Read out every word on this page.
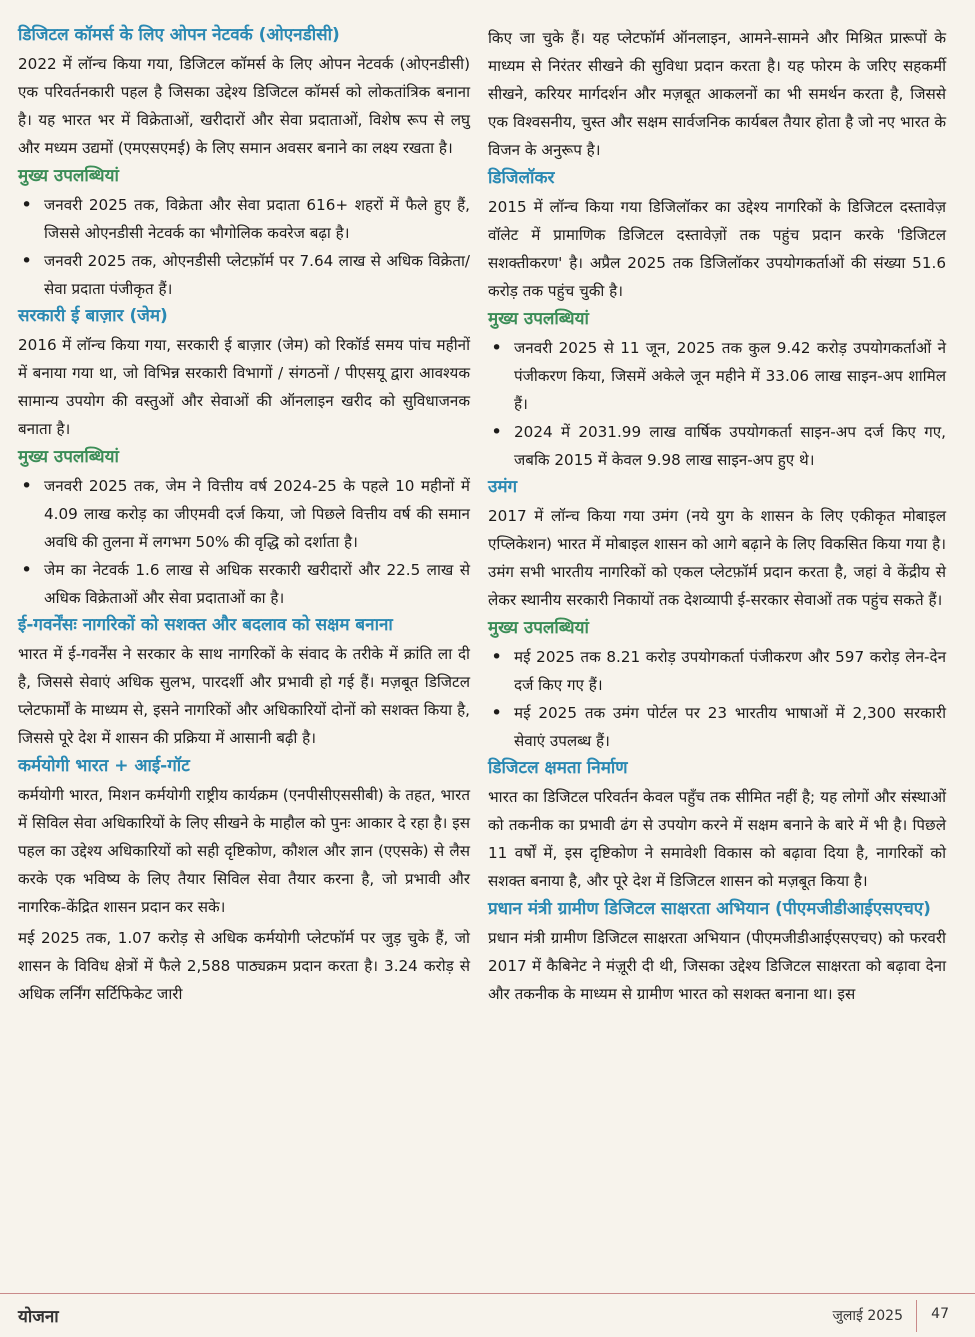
डिजिटल कॉमर्स के लिए ओपन नेटवर्क (ओएनडीसी)

2022 में लॉन्च किया गया, डिजिटल कॉमर्स के लिए ओपन नेटवर्क (ओएनडीसी) एक परिवर्तनकारी पहल है जिसका उद्देश्य डिजिटल कॉमर्स को लोकतांत्रिक बनाना है। यह भारत भर में विक्रेताओं, खरीदारों और सेवा प्रदाताओं, विशेष रूप से लघु और मध्यम उद्यमों (एमएसएमई) के लिए समान अवसर बनाने का लक्ष्य रखता है।

मुख्य उपलब्धियां
• जनवरी 2025 तक, विक्रेता और सेवा प्रदाता 616+ शहरों में फैले हुए हैं, जिससे ओएनडीसी नेटवर्क का भौगोलिक कवरेज बढ़ा है।
• जनवरी 2025 तक, ओएनडीसी प्लेटफ़ॉर्म पर 7.64 लाख से अधिक विक्रेता/सेवा प्रदाता पंजीकृत हैं।
सरकारी ई बाज़ार (जेम)

2016 में लॉन्च किया गया, सरकारी ई बाज़ार (जेम) को रिकॉर्ड समय पांच महीनों में बनाया गया था, जो विभिन्न सरकारी विभागों / संगठनों / पीएसयू द्वारा आवश्यक सामान्य उपयोग की वस्तुओं और सेवाओं की ऑनलाइन खरीद को सुविधाजनक बनाता है।

मुख्य उपलब्धियां
• जनवरी 2025 तक, जेम ने वित्तीय वर्ष 2024-25 के पहले 10 महीनों में 4.09 लाख करोड़ का जीएमवी दर्ज किया, जो पिछले वित्तीय वर्ष की समान अवधि की तुलना में लगभग 50% की वृद्धि को दर्शाता है।
• जेम का नेटवर्क 1.6 लाख से अधिक सरकारी खरीदारों और 22.5 लाख से अधिक विक्रेताओं और सेवा प्रदाताओं का है।
ई-गवर्नेंसः नागरिकों को सशक्त और बदलाव को सक्षम बनाना

भारत में ई-गवर्नेंस ने सरकार के साथ नागरिकों के संवाद के तरीके में क्रांति ला दी है, जिससे सेवाएं अधिक सुलभ, पारदर्शी और प्रभावी हो गई हैं। मज़बूत डिजिटल प्लेटफार्मों के माध्यम से, इसने नागरिकों और अधिकारियों दोनों को सशक्त किया है, जिससे पूरे देश में शासन की प्रक्रिया में आसानी बढ़ी है।

कर्मयोगी भारत + आई-गॉट

कर्मयोगी भारत, मिशन कर्मयोगी राष्ट्रीय कार्यक्रम (एनपीसीएससीबी) के तहत, भारत में सिविल सेवा अधिकारियों के लिए सीखने के माहौल को पुनः आकार दे रहा है। इस पहल का उद्देश्य अधिकारियों को सही दृष्टिकोण, कौशल और ज्ञान (एएसके) से लैस करके एक भविष्य के लिए तैयार सिविल सेवा तैयार करना है, जो प्रभावी और नागरिक-केंद्रित शासन प्रदान कर सके।

मई 2025 तक, 1.07 करोड़ से अधिक कर्मयोगी प्लेटफॉर्म पर जुड़ चुके हैं, जो शासन के विविध क्षेत्रों में फैले 2,588 पाठ्यक्रम प्रदान करता है। 3.24 करोड़ से अधिक लर्निंग सर्टिफिकेट जारी

किए जा चुके हैं। यह प्लेटफॉर्म ऑनलाइन, आमने-सामने और मिश्रित प्रारूपों के माध्यम से निरंतर सीखने की सुविधा प्रदान करता है। यह फोरम के जरिए सहकर्मी सीखने, करियर मार्गदर्शन और मज़बूत आकलनों का भी समर्थन करता है, जिससे एक विश्वसनीय, चुस्त और सक्षम सार्वजनिक कार्यबल तैयार होता है जो नए भारत के विजन के अनुरूप है।

डिजिलॉकर

2015 में लॉन्च किया गया डिजिलॉकर का उद्देश्य नागरिकों के डिजिटल दस्तावेज़ वॉलेट में प्रामाणिक डिजिटल दस्तावेज़ों तक पहुंच प्रदान करके 'डिजिटल सशक्तीकरण' है। अप्रैल 2025 तक डिजिलॉकर उपयोगकर्ताओं की संख्या 51.6 करोड़ तक पहुंच चुकी है।

मुख्य उपलब्धियां
• जनवरी 2025 से 11 जून, 2025 तक कुल 9.42 करोड़ उपयोगकर्ताओं ने पंजीकरण किया, जिसमें अकेले जून महीने में 33.06 लाख साइन-अप शामिल हैं।
• 2024 में 2031.99 लाख वार्षिक उपयोगकर्ता साइन-अप दर्ज किए गए, जबकि 2015 में केवल 9.98 लाख साइन-अप हुए थे।
उमंग

2017 में लॉन्च किया गया उमंग (नये युग के शासन के लिए एकीकृत मोबाइल एप्लिकेशन) भारत में मोबाइल शासन को आगे बढ़ाने के लिए विकसित किया गया है। उमंग सभी भारतीय नागरिकों को एकल प्लेटफ़ॉर्म प्रदान करता है, जहां वे केंद्रीय से लेकर स्थानीय सरकारी निकायों तक देशव्यापी ई-सरकार सेवाओं तक पहुंच सकते हैं।

मुख्य उपलब्धियां
• मई 2025 तक 8.21 करोड़ उपयोगकर्ता पंजीकरण और 597 करोड़ लेन-देन दर्ज किए गए हैं।
• मई 2025 तक उमंग पोर्टल पर 23 भारतीय भाषाओं में 2,300 सरकारी सेवाएं उपलब्ध हैं।
डिजिटल क्षमता निर्माण

भारत का डिजिटल परिवर्तन केवल पहुँच तक सीमित नहीं है; यह लोगों और संस्थाओं को तकनीक का प्रभावी ढंग से उपयोग करने में सक्षम बनाने के बारे में भी है। पिछले 11 वर्षों में, इस दृष्टिकोण ने समावेशी विकास को बढ़ावा दिया है, नागरिकों को सशक्त बनाया है, और पूरे देश में डिजिटल शासन को मज़बूत किया है।

प्रधान मंत्री ग्रामीण डिजिटल साक्षरता अभियान (पीएमजीडीआईएसएचए)

प्रधान मंत्री ग्रामीण डिजिटल साक्षरता अभियान (पीएमजीडीआईएसएचए) को फरवरी 2017 में कैबिनेट ने मंज़ूरी दी थी, जिसका उद्देश्य डिजिटल साक्षरता को बढ़ावा देना और तकनीक के माध्यम से ग्रामीण भारत को सशक्त बनाना था। इस

योजना	जुलाई 2025 47
